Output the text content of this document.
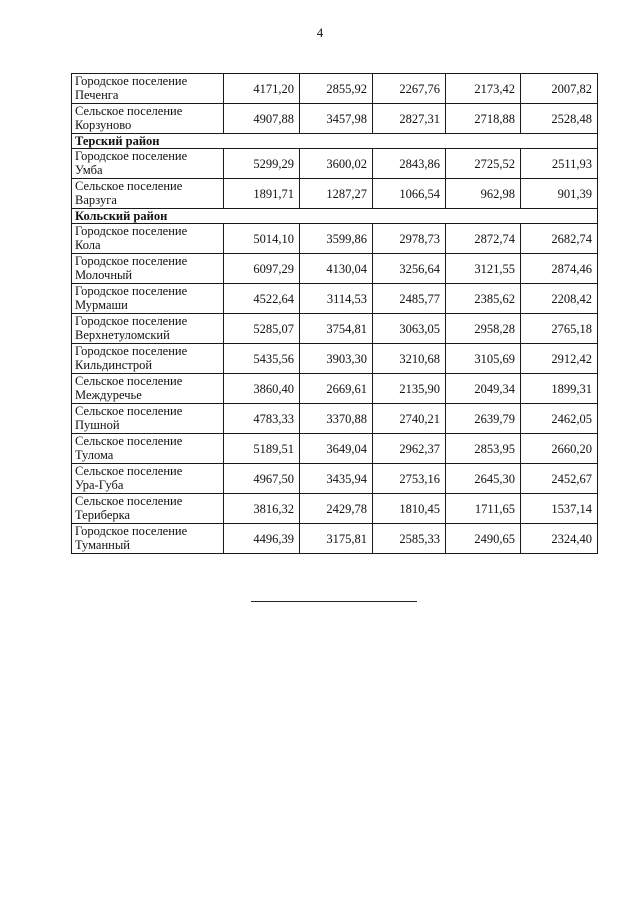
4
Городское поселение
Печенга	4171,20	2855,92	2267,76	2173,42	2007,82

Сельское поселение
Корзуново	4907,88	3457,98	2827,31	2718,88	2528,48
Терский район					

Городское поселение
Умба	5299,29	3600,02	2843,86	2725,52	2511,93

Сельское поселение
Варзуга	1891,71	1287,27	1066,54	962,98	901,39
Кольский район					

Городское поселение
Кола	5014,10	3599,86	2978,73	2872,74	2682,74

Городское поселение
Молочный	6097,29	4130,04	3256,64	3121,55	2874,46

Городское поселение
Мурмаши	4522,64	3114,53	2485,77	2385,62	2208,42

Городское поселение
Верхнетуломский	5285,07	3754,81	3063,05	2958,28	2765,18

Городское поселение
Кильдинстрой	5435,56	3903,30	3210,68	3105,69	2912,42

Сельское поселение
Междуречье	3860,40	2669,61	2135,90	2049,34	1899,31

Сельское поселение
Пушной	4783,33	3370,88	2740,21	2639,79	2462,05

Сельское поселение
Тулома	5189,51	3649,04	2962,37	2853,95	2660,20

Сельское поселение
Ура-Губа	4967,50	3435,94	2753,16	2645,30	2452,67

Сельское поселение
Териберка	3816,32	2429,78	1810,45	1711,65	1537,14

Городское поселение
Туманный	4496,39	3175,81	2585,33	2490,65	2324,40
